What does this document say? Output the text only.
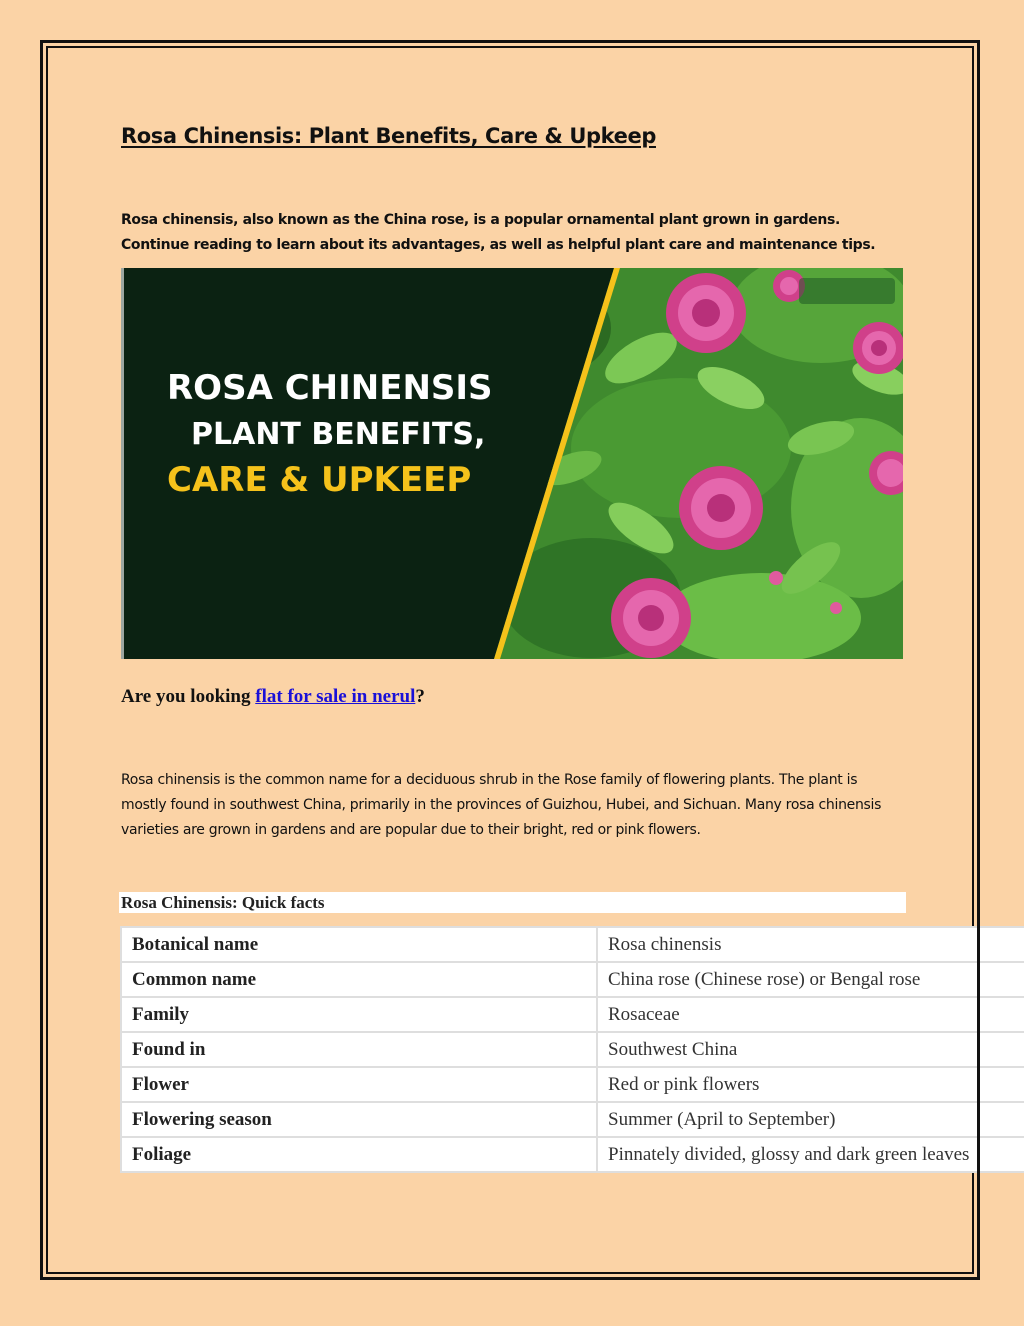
Rosa Chinensis: Plant Benefits, Care & Upkeep

Rosa chinensis, also known as the China rose, is a popular ornamental plant grown in gardens. Continue reading to learn about its advantages, as well as helpful plant care and maintenance tips.

ROSA CHINENSIS
PLANT BENEFITS,
CARE & UPKEEP

Are you looking flat for sale in nerul?

Rosa chinensis is the common name for a deciduous shrub in the Rose family of flowering plants. The plant is mostly found in southwest China, primarily in the provinces of Guizhou, Hubei, and Sichuan. Many rosa chinensis varieties are grown in gardens and are popular due to their bright, red or pink flowers.

Rosa Chinensis: Quick facts
Botanical name	Rosa chinensis
Common name	China rose (Chinese rose) or Bengal rose
Family	Rosaceae
Found in	Southwest China
Flower	Red or pink flowers
Flowering season	Summer (April to September)
Foliage	Pinnately divided, glossy and dark green leaves
